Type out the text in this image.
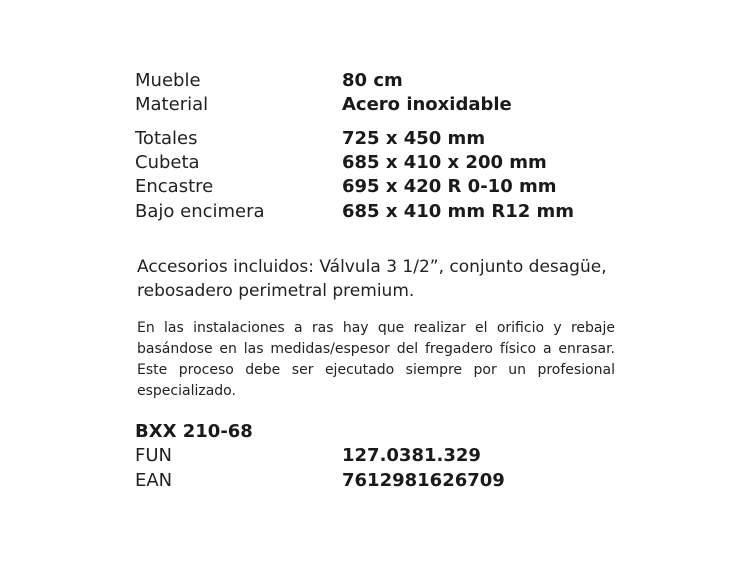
Mueble	80 cm
Material	Acero inoxidable
Totales	725 x 450 mm
Cubeta	685 x 410 x 200 mm
Encastre	695 x 420 R 0-10 mm
Bajo encimera	685 x 410 mm R12 mm
Accesorios incluidos: Válvula 3 1/2”, conjunto desagüe,
rebosadero perimetral premium.
En las instalaciones a ras hay que realizar el orificio y rebaje basándose en las medidas/espesor del fregadero físico a enrasar. Este proceso debe ser ejecutado siempre por un profesional especializado.
BXX 210-68
FUN	127.0381.329
EAN	7612981626709
